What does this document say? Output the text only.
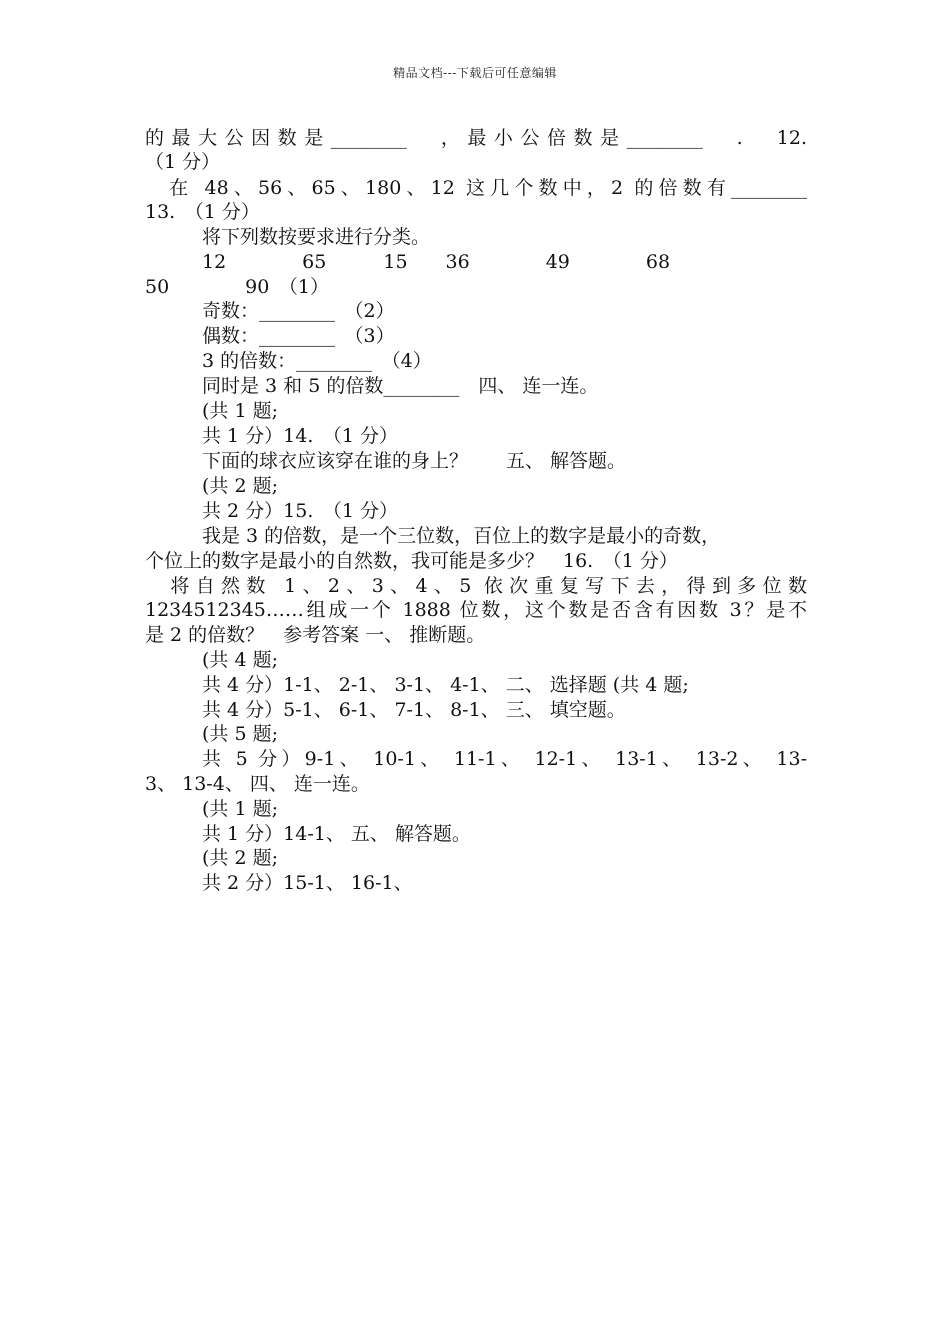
精品文档---下载后可任意编辑
的最大公因数是________　，最小公倍数是________　.　12.
（1 分）
　在 48、56、65、180、12 这几个数中，2 的倍数有________
13.　（1 分）
将下列数按要求进行分类。
12　　　　65　　　15　　36　　　　49　　　　68
50　　　　90　（1）
奇数：________　（2）
偶数：________　（3）
3 的倍数：________　（4）
同时是 3 和 5 的倍数________　四、 连一连。
(共 1 题;
共 1 分）14.　（1 分）
下面的球衣应该穿在谁的身上？　　五、 解答题。
(共 2 题;
共 2 分）15.　（1 分）
我是 3 的倍数，是一个三位数，百位上的数字是最小的奇数，
个位上的数字是最小的自然数，我可能是多少？　16.　（1 分）
　将自然数 1、2、3、4、5 依次重复写下去，得到多位数
1234512345……组成一个 1888 位数，这个数是否含有因数 3？是不
是 2 的倍数？　参考答案 一、 推断题。
(共 4 题;
共 4 分）1-1、 2-1、 3-1、 4-1、 二、 选择题 (共 4 题;
共 4 分）5-1、 6-1、 7-1、 8-1、 三、 填空题。
(共 5 题;
共 5 分）9-1、 10-1、 11-1、 12-1、 13-1、 13-2、 13-
3、 13-4、 四、 连一连。
(共 1 题;
共 1 分）14-1、 五、 解答题。
(共 2 题;
共 2 分）15-1、 16-1、
